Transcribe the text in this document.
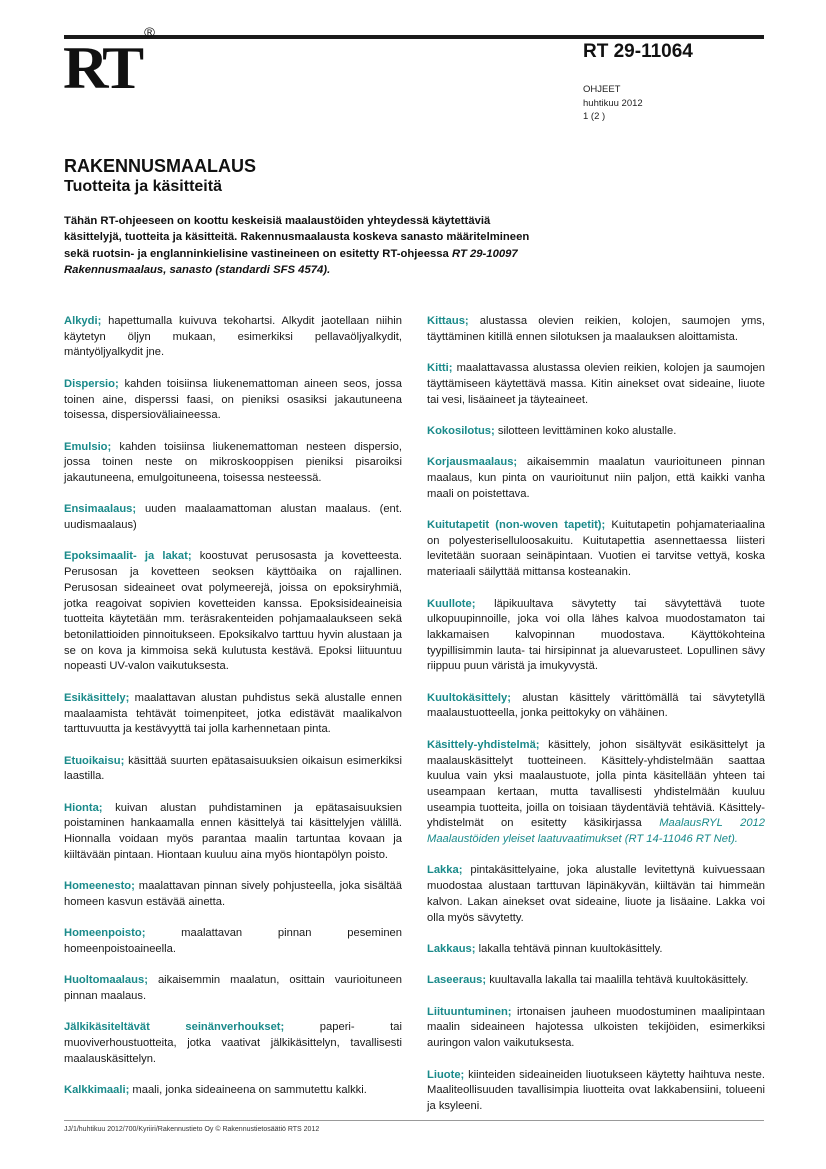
RT®
RT 29-11064
OHJEET
huhtikuu 2012
1 (2 )
RAKENNUSMAALAUS
Tuotteita ja käsitteitä
Tähän RT-ohjeeseen on koottu keskeisiä maalaustöiden yhteydessä käytettäviä käsittelyjä, tuotteita ja käsitteitä. Rakennusmaalausta koskeva sanasto määritelmineen sekä ruotsin- ja englanninkielisine vastineineen on esitetty RT-ohjeessa RT 29-10097 Rakennusmaalaus, sanasto (standardi SFS 4574).

Alkydi; hapettumalla kuivuva tekohartsi. Alkydit jaotellaan niihin käytetyn öljyn mukaan, esimerkiksi pellavaöljyalkydit, mäntyöljyalkydit jne.

Dispersio; kahden toisiinsa liukenemattoman aineen seos, jossa toinen aine, disperssi faasi, on pieniksi osasiksi jakautuneena toisessa, dispersioväliaineessa.

Emulsio; kahden toisiinsa liukenemattoman nesteen dispersio, jossa toinen neste on mikroskooppisen pieniksi pisaroiksi jakautuneena, emulgoituneena, toisessa nesteessä.

Ensimaalaus; uuden maalaamattoman alustan maalaus. (ent. uudismaalaus)

Epoksimaalit- ja lakat; koostuvat perusosasta ja kovetteesta. Perusosan ja kovetteen seoksen käyttöaika on rajallinen. Perusosan sideaineet ovat polymeerejä, joissa on epoksiryhmiä, jotka reagoivat sopivien kovetteiden kanssa. Epoksisideaineisia tuotteita käytetään mm. teräsrakenteiden pohjamaalaukseen sekä betonilattioiden pinnoitukseen. Epoksikalvo tarttuu hyvin alustaan ja se on kova ja kimmoisa sekä kulutusta kestävä. Epoksi liituuntuu nopeasti UV-valon vaikutuksesta.

Esikäsittely; maalattavan alustan puhdistus sekä alustalle ennen maalaamista tehtävät toimenpiteet, jotka edistävät maalikalvon tarttuvuutta ja kestävyyttä tai jolla karhennetaan pinta.

Etuoikaisu; käsittää suurten epätasaisuuksien oikaisun esimerkiksi laastilla.

Hionta; kuivan alustan puhdistaminen ja epätasaisuuksien poistaminen hankaamalla ennen käsittelyä tai käsittelyjen välillä. Hionnalla voidaan myös parantaa maalin tartuntaa kovaan ja kiiltävään pintaan. Hiontaan kuuluu aina myös hiontapölyn poisto.

Homeenesto; maalattavan pinnan sively pohjusteella, joka sisältää homeen kasvun estävää ainetta.

Homeenpoisto; maalattavan pinnan peseminen homeenpoistoaineella.

Huoltomaalaus; aikaisemmin maalatun, osittain vaurioituneen pinnan maalaus.

Jälkikäsiteltävät seinänverhoukset; paperi- tai muoviverhoustuotteita, jotka vaativat jälkikäsittelyn, tavallisesti maalauskäsittelyn.

Kalkkimaali; maali, jonka sideaineena on sammutettu kalkki.

Kittaus; alustassa olevien reikien, kolojen, saumojen yms, täyttäminen kitillä ennen silotuksen ja maalauksen aloittamista.

Kitti; maalattavassa alustassa olevien reikien, kolojen ja saumojen täyttämiseen käytettävä massa. Kitin ainekset ovat sideaine, liuote tai vesi, lisäaineet ja täyteaineet.

Kokosilotus; silotteen levittäminen koko alustalle.

Korjausmaalaus; aikaisemmin maalatun vaurioituneen pinnan maalaus, kun pinta on vaurioitunut niin paljon, että kaikki vanha maali on poistettava.

Kuitutapetit (non-woven tapetit); Kuitutapetin pohjamateriaalina on polyesteriselluloosakuitu. Kuitutapettia asennettaessa liisteri levitetään suoraan seinäpintaan. Vuotien ei tarvitse vettyä, koska materiaali säilyttää mittansa kosteanakin.

Kuullote; läpikuultava sävytetty tai sävytettävä tuote ulkopuupinnoille, joka voi olla lähes kalvoa muodostamaton tai lakkamaisen kalvopinnan muodostava. Käyttökohteina tyypillisimmin lauta- tai hirsipinnat ja aluevarusteet. Lopullinen sävy riippuu puun väristä ja imukyvystä.

Kuultokäsittely; alustan käsittely värittömällä tai sävytetyllä maalaustuotteella, jonka peittokyky on vähäinen.

Käsittely-yhdistelmä; käsittely, johon sisältyvät esikäsittelyt ja maalauskäsittelyt tuotteineen. Käsittely-yhdistelmään saattaa kuulua vain yksi maalaustuote, jolla pinta käsitellään yhteen tai useampaan kertaan, mutta tavallisesti yhdistelmään kuuluu useampia tuotteita, joilla on toisiaan täydentäviä tehtäviä. Käsittely-yhdistelmät on esitetty käsikirjassa MaalausRYL 2012 Maalaustöiden yleiset laatuvaatimukset (RT 14-11046 RT Net).

Lakka; pintakäsittelyaine, joka alustalle levitettynä kuivuessaan muodostaa alustaan tarttuvan läpinäkyvän, kiiltävän tai himmeän kalvon. Lakan ainekset ovat sideaine, liuote ja lisäaine. Lakka voi olla myös sävytetty.

Lakkaus; lakalla tehtävä pinnan kuultokäsittely.

Laseeraus; kuultavalla lakalla tai maalilla tehtävä kuultokäsittely.

Liituuntuminen; irtonaisen jauheen muodostuminen maalipintaan maalin sideaineen hajotessa ulkoisten tekijöiden, esimerkiksi auringon valon vaikutuksesta.

Liuote; kiinteiden sideaineiden liuotukseen käytetty haihtuva neste. Maaliteollisuuden tavallisimpia liuotteita ovat lakkabensiini, tolueeni ja ksyleeni.

JJ/1/huhtikuu 2012/700/Kyriiri/Rakennustieto Oy © Rakennustietosäätiö RTS 2012
